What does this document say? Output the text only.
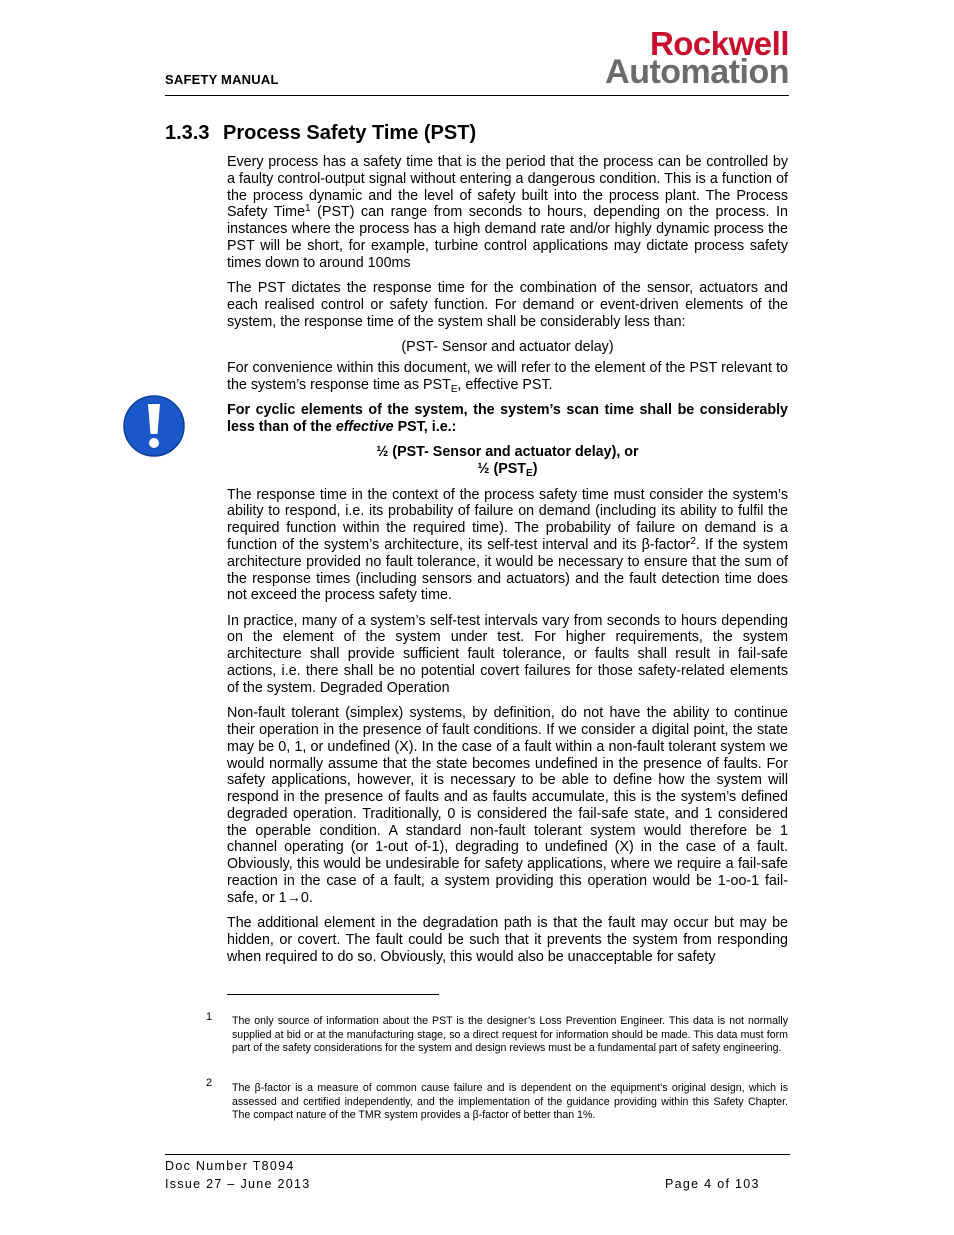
SAFETY MANUAL
Rockwell
Automation
1.3.3 Process Safety Time (PST)

Every process has a safety time that is the period that the process can be controlled by a faulty control-output signal without entering a dangerous condition. This is a function of the process dynamic and the level of safety built into the process plant. The Process Safety Time$^1$ (PST) can range from seconds to hours, depending on the process. In instances where the process has a high demand rate and/or highly dynamic process the PST will be short, for example, turbine control applications may dictate process safety times down to around 100ms

The PST dictates the response time for the combination of the sensor, actuators and each realised control or safety function. For demand or event-driven elements of the system, the response time of the system shall be considerably less than:

(PST- Sensor and actuator delay)

For convenience within this document, we will refer to the element of the PST relevant to the system’s response time as $PST_E$, effective PST.

For cyclic elements of the system, the system’s scan time shall be considerably less than of the effective PST, i.e.:

½ (PST- Sensor and actuator delay), or

½ $(PST_E)$

The response time in the context of the process safety time must consider the system’s ability to respond, i.e. its probability of failure on demand (including its ability to fulfil the required function within the required time). The probability of failure on demand is a function of the system’s architecture, its self-test interval and its β-factor$^2$. If the system architecture provided no fault tolerance, it would be necessary to ensure that the sum of the response times (including sensors and actuators) and the fault detection time does not exceed the process safety time.

In practice, many of a system’s self-test intervals vary from seconds to hours depending on the element of the system under test. For higher requirements, the system architecture shall provide sufficient fault tolerance, or faults shall result in fail-safe actions, i.e. there shall be no potential covert failures for those safety-related elements of the system. Degraded Operation

Non-fault tolerant (simplex) systems, by definition, do not have the ability to continue their operation in the presence of fault conditions. If we consider a digital point, the state may be 0, 1, or undefined (X). In the case of a fault within a non-fault tolerant system we would normally assume that the state becomes undefined in the presence of faults. For safety applications, however, it is necessary to be able to define how the system will respond in the presence of faults and as faults accumulate, this is the system’s defined degraded operation. Traditionally, 0 is considered the fail-safe state, and 1 considered the operable condition. A standard non-fault tolerant system would therefore be 1 channel operating (or 1-out of-1), degrading to undefined (X) in the case of a fault. Obviously, this would be undesirable for safety applications, where we require a fail-safe reaction in the case of a fault, a system providing this operation would be 1-oo-1 fail-safe, or 1→0.

The additional element in the degradation path is that the fault may occur but may be hidden, or covert. The fault could be such that it prevents the system from responding when required to do so. Obviously, this would also be unacceptable for safety

1 The only source of information about the PST is the designer’s Loss Prevention Engineer. This data is not normally supplied at bid or at the manufacturing stage, so a direct request for information should be made. This data must form part of the safety considerations for the system and design reviews must be a fundamental part of safety engineering.
2 The β-factor is a measure of common cause failure and is dependent on the equipment’s original design, which is assessed and certified independently, and the implementation of the guidance providing within this Safety Chapter. The compact nature of the TMR system provides a β-factor of better than 1%.
Doc Number T8094
Issue 27 – June 2013	Page 4 of 103
